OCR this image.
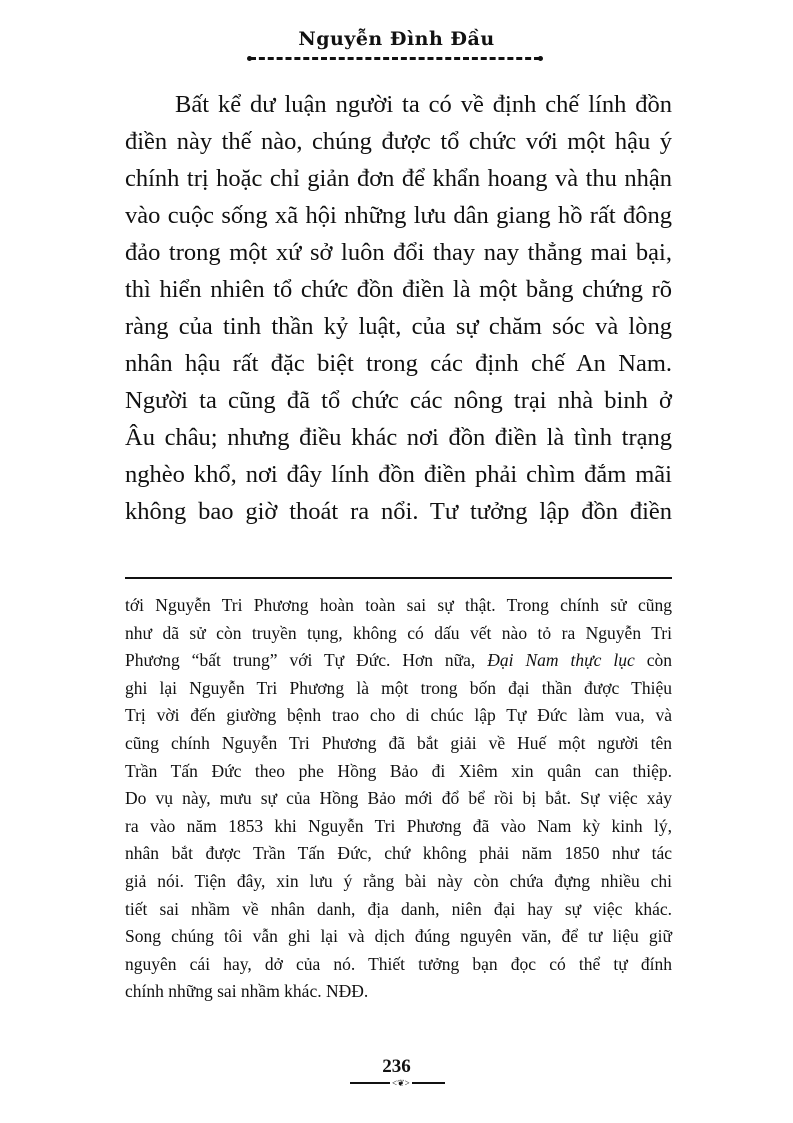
Nguyễn Đình Đầu
Bất kể dư luận người ta có về định chế lính đồn
điền này thế nào, chúng được tổ chức với một hậu ý
chính trị hoặc chỉ giản đơn để khẩn hoang và thu nhận
vào cuộc sống xã hội những lưu dân giang hồ rất đông
đảo trong một xứ sở luôn đổi thay nay thẳng mai bại,
thì hiển nhiên tổ chức đồn điền là một bằng chứng rõ
ràng của tinh thần kỷ luật, của sự chăm sóc và lòng
nhân hậu rất đặc biệt trong các định chế An Nam.
Người ta cũng đã tổ chức các nông trại nhà binh ở
Âu châu; nhưng điều khác nơi đồn điền là tình trạng
nghèo khổ, nơi đây lính đồn điền phải chìm đắm mãi
không bao giờ thoát ra nổi. Tư tưởng lập đồn điền
tới Nguyễn Tri Phương hoàn toàn sai sự thật. Trong chính sử cũng
như dã sử còn truyền tụng, không có dấu vết nào tỏ ra Nguyễn Tri
Phương “bất trung” với Tự Đức. Hơn nữa, Đại Nam thực lục còn
ghi lại Nguyễn Tri Phương là một trong bốn đại thần được Thiệu
Trị vời đến giường bệnh trao cho di chúc lập Tự Đức làm vua, và
cũng chính Nguyễn Tri Phương đã bắt giải về Huế một người tên
Trần Tấn Đức theo phe Hồng Bảo đi Xiêm xin quân can thiệp.
Do vụ này, mưu sự của Hồng Bảo mới đổ bể rồi bị bắt. Sự việc xảy
ra vào năm 1853 khi Nguyễn Tri Phương đã vào Nam kỳ kinh lý,
nhân bắt được Trần Tấn Đức, chứ không phải năm 1850 như tác
giả nói. Tiện đây, xin lưu ý rằng bài này còn chứa đựng nhiều chi
tiết sai nhầm về nhân danh, địa danh, niên đại hay sự việc khác.
Song chúng tôi vẫn ghi lại và dịch đúng nguyên văn, để tư liệu giữ
nguyên cái hay, dở của nó. Thiết tưởng bạn đọc có thể tự đính
chính những sai nhầm khác. NĐĐ.
236
<❦>
